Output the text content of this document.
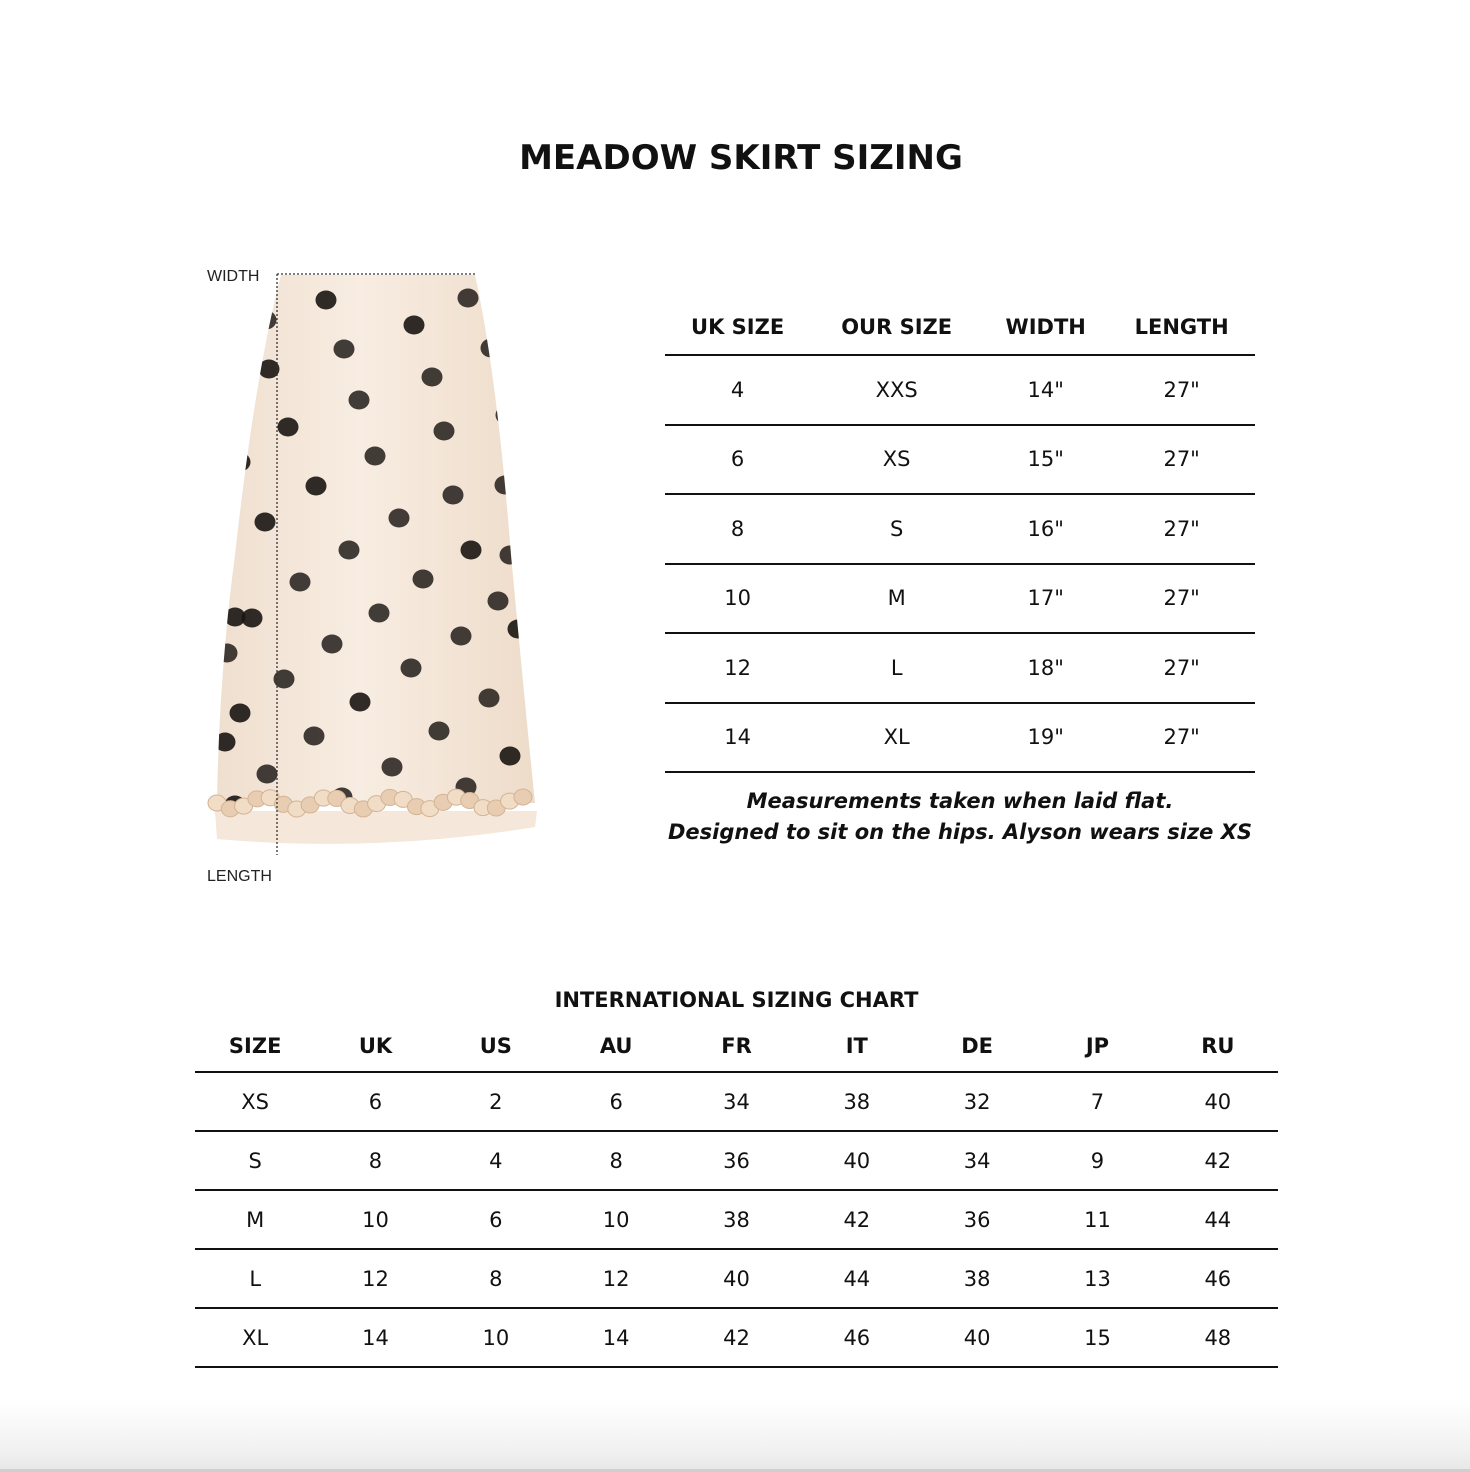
MEADOW SKIRT SIZING
WIDTH
LENGTH
UK SIZE	OUR SIZE	WIDTH	LENGTH
4	XXS	14"	27"
6	XS	15"	27"
8	S	16"	27"
10	M	17"	27"
12	L	18"	27"
14	XL	19"	27"

Measurements taken when laid flat.
Designed to sit on the hips. Alyson wears size XS

INTERNATIONAL SIZING CHART
SIZE	UK	US	AU	FR	IT	DE	JP	RU
XS	6	2	6	34	38	32	7	40
S	8	4	8	36	40	34	9	42
M	10	6	10	38	42	36	11	44
L	12	8	12	40	44	38	13	46
XL	14	10	14	42	46	40	15	48
